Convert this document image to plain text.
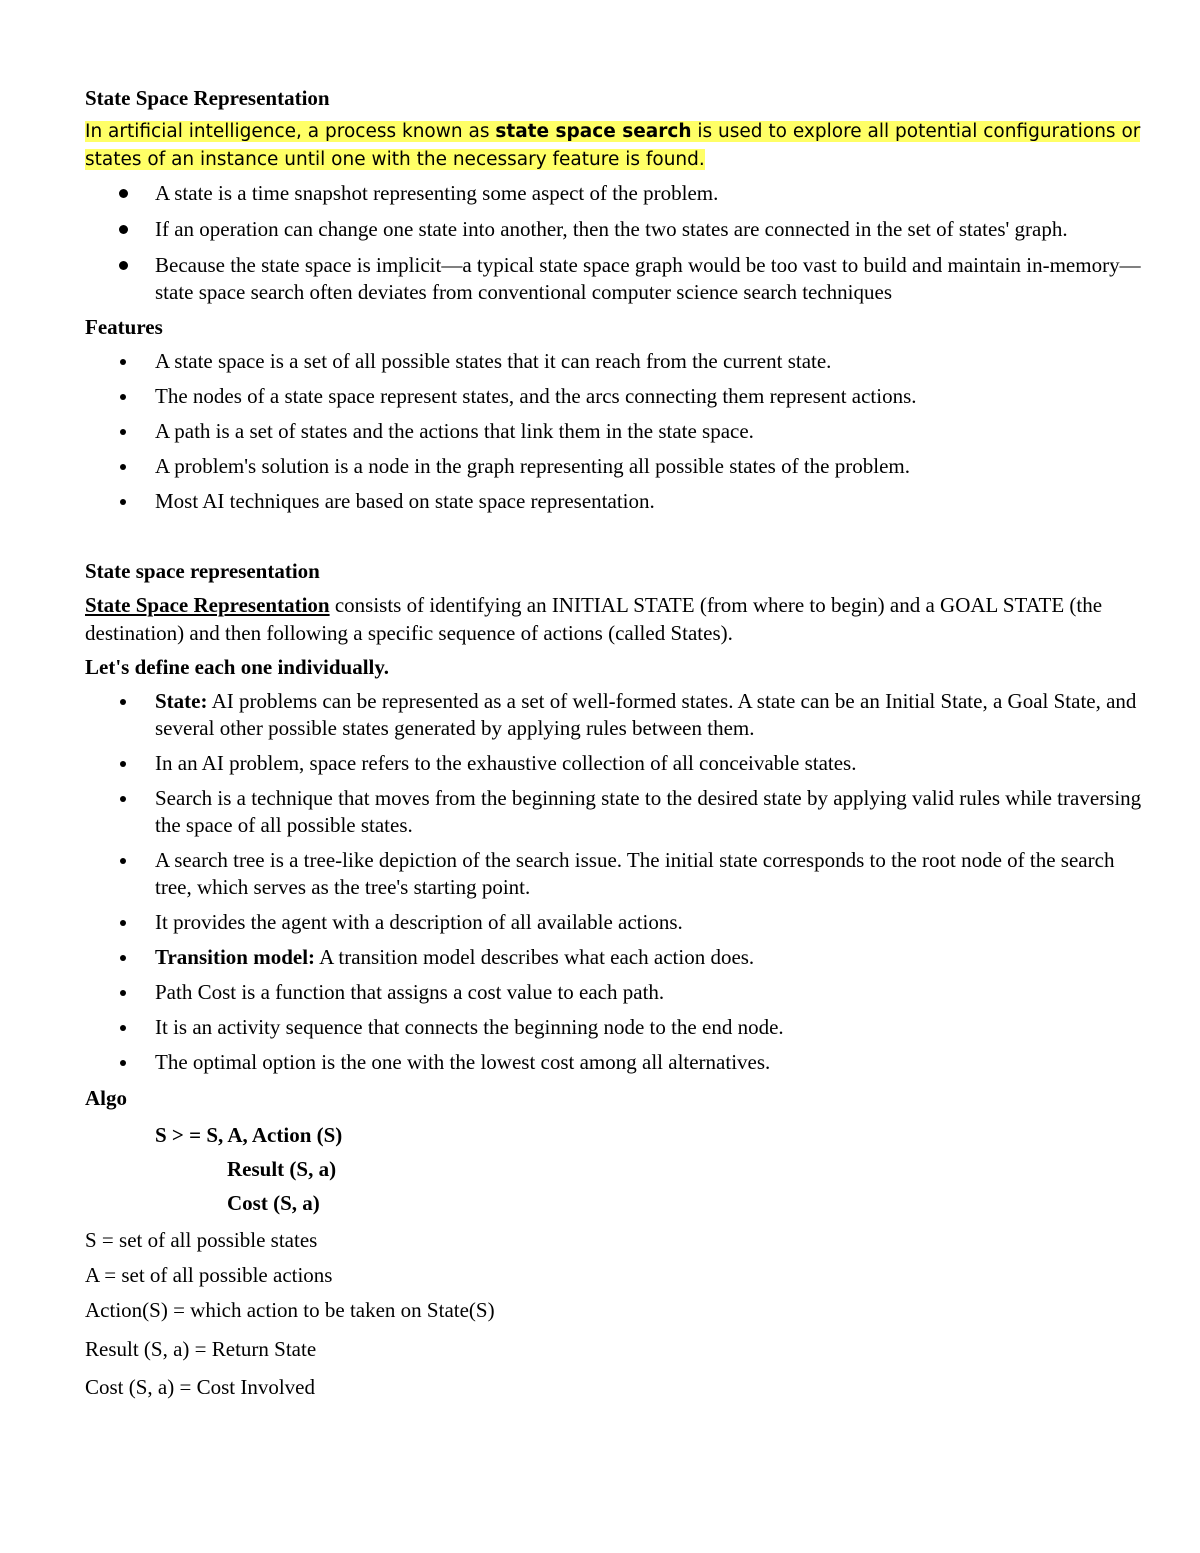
State Space Representation

In artificial intelligence, a process known as state space search is used to explore all potential configurations or states of an instance until one with the necessary feature is found.

A state is a time snapshot representing some aspect of the problem.
If an operation can change one state into another, then the two states are connected in the set of states' graph.
Because the state space is implicit—a typical state space graph would be too vast to build and maintain in-memory—state space search often deviates from conventional computer science search techniques

Features

A state space is a set of all possible states that it can reach from the current state.
The nodes of a state space represent states, and the arcs connecting them represent actions.
A path is a set of states and the actions that link them in the state space.
A problem's solution is a node in the graph representing all possible states of the problem.
Most AI techniques are based on state space representation.

State space representation

State Space Representation consists of identifying an INITIAL STATE (from where to begin) and a GOAL STATE (the destination) and then following a specific sequence of actions (called States).

Let's define each one individually.

State: AI problems can be represented as a set of well-formed states. A state can be an Initial State, a Goal State, and several other possible states generated by applying rules between them.
In an AI problem, space refers to the exhaustive collection of all conceivable states.
Search is a technique that moves from the beginning state to the desired state by applying valid rules while traversing the space of all possible states.
A search tree is a tree-like depiction of the search issue. The initial state corresponds to the root node of the search tree, which serves as the tree's starting point.
It provides the agent with a description of all available actions.
Transition model: A transition model describes what each action does.
Path Cost is a function that assigns a cost value to each path.
It is an activity sequence that connects the beginning node to the end node.
The optimal option is the one with the lowest cost among all alternatives.

Algo

S > = S, A, Action (S)
Result (S, a)
Cost (S, a)

S = set of all possible states

A = set of all possible actions

Action(S) = which action to be taken on State(S)

Result (S, a) = Return State

Cost (S, a) = Cost Involved
